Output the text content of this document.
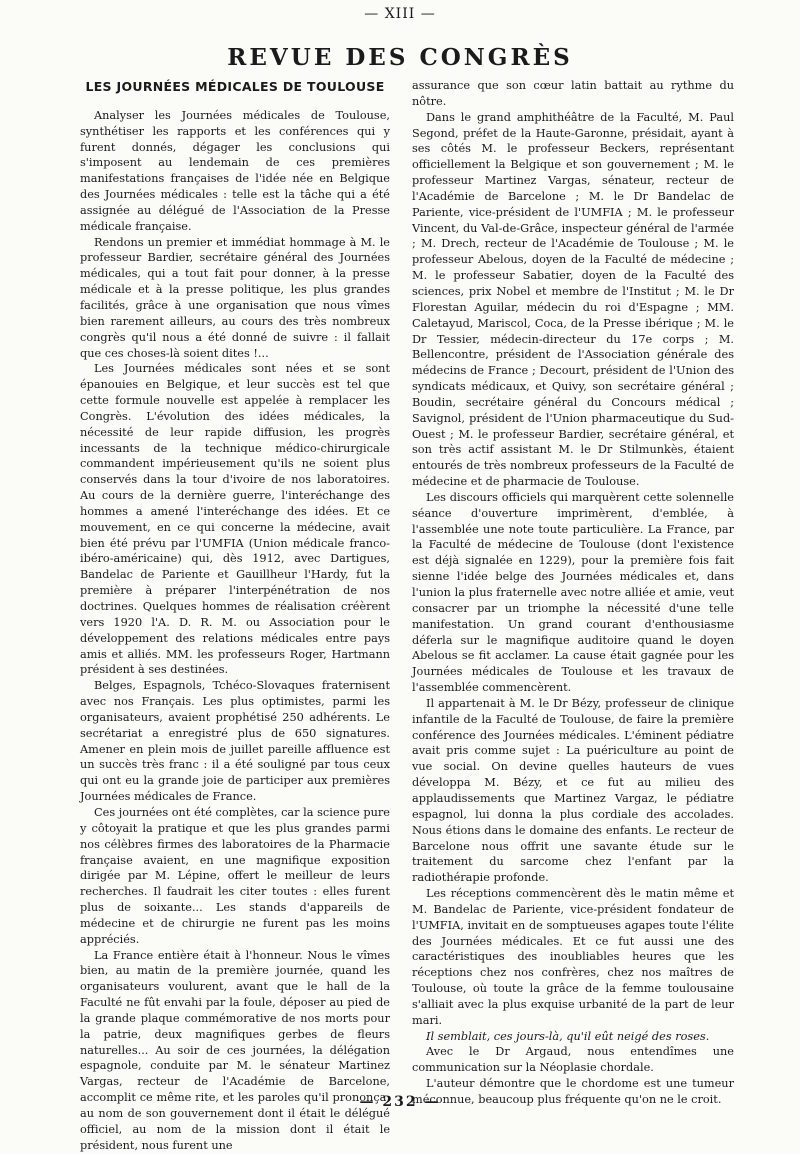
— XIII —
REVUE DES CONGRÈS
LES JOURNÉES MÉDICALES DE TOULOUSE

Analyser les Journées médicales de Toulouse, synthétiser les rapports et les conférences qui y furent donnés, dégager les conclusions qui s'imposent au lendemain de ces premières manifestations françaises de l'idée née en Belgique des Journées médicales : telle est la tâche qui a été assignée au délégué de l'Association de la Presse médicale française.

Rendons un premier et immédiat hommage à M. le professeur Bardier, secrétaire général des Journées médicales, qui a tout fait pour donner, à la presse médicale et à la presse politique, les plus grandes facilités, grâce à une organisation que nous vîmes bien rarement ailleurs, au cours des très nombreux congrès qu'il nous a été donné de suivre : il fallait que ces choses-là soient dites !...

Les Journées médicales sont nées et se sont épanouies en Belgique, et leur succès est tel que cette formule nouvelle est appelée à remplacer les Congrès. L'évolution des idées médicales, la nécessité de leur rapide diffusion, les progrès incessants de la technique médico-chirurgicale commandent impérieusement qu'ils ne soient plus conservés dans la tour d'ivoire de nos laboratoires. Au cours de la dernière guerre, l'interéchange des hommes a amené l'interéchange des idées. Et ce mouvement, en ce qui concerne la médecine, avait bien été prévu par l'UMFIA (Union médicale franco-ibéro-américaine) qui, dès 1912, avec Dartigues, Bandelac de Pariente et Gauillheur l'Hardy, fut la première à préparer l'interpénétration de nos doctrines. Quelques hommes de réalisation créèrent vers 1920 l'A. D. R. M. ou Association pour le développement des relations médicales entre pays amis et alliés. MM. les professeurs Roger, Hartmann président à ses destinées.

Belges, Espagnols, Tchéco-Slovaques fraternisent avec nos Français. Les plus optimistes, parmi les organisateurs, avaient prophétisé 250 adhérents. Le secrétariat a enregistré plus de 650 signatures. Amener en plein mois de juillet pareille affluence est un succès très franc : il a été souligné par tous ceux qui ont eu la grande joie de participer aux premières Journées médicales de France.

Ces journées ont été complètes, car la science pure y côtoyait la pratique et que les plus grandes parmi nos célèbres firmes des laboratoires de la Pharmacie française avaient, en une magnifique exposition dirigée par M. Lépine, offert le meilleur de leurs recherches. Il faudrait les citer toutes : elles furent plus de soixante... Les stands d'appareils de médecine et de chirurgie ne furent pas les moins appréciés.

La France entière était à l'honneur. Nous le vîmes bien, au matin de la première journée, quand les organisateurs voulurent, avant que le hall de la Faculté ne fût envahi par la foule, déposer au pied de la grande plaque commémorative de nos morts pour la patrie, deux magnifiques gerbes de fleurs naturelles... Au soir de ces journées, la délégation espagnole, conduite par M. le sénateur Martinez Vargas, recteur de l'Académie de Barcelone, accomplit ce même rite, et les paroles qu'il prononça, au nom de son gouvernement dont il était le délégué officiel, au nom de la mission dont il était le président, nous furent une

assurance que son cœur latin battait au rythme du nôtre.

Dans le grand amphithéâtre de la Faculté, M. Paul Segond, préfet de la Haute-Garonne, présidait, ayant à ses côtés M. le professeur Beckers, représentant officiellement la Belgique et son gouvernement ; M. le professeur Martinez Vargas, sénateur, recteur de l'Académie de Barcelone ; M. le Dr Bandelac de Pariente, vice-président de l'UMFIA ; M. le professeur Vincent, du Val-de-Grâce, inspecteur général de l'armée ; M. Drech, recteur de l'Académie de Toulouse ; M. le professeur Abelous, doyen de la Faculté de médecine ; M. le professeur Sabatier, doyen de la Faculté des sciences, prix Nobel et membre de l'Institut ; M. le Dr Florestan Aguilar, médecin du roi d'Espagne ; MM. Caletayud, Mariscol, Coca, de la Presse ibérique ; M. le Dr Tessier, médecin-directeur du 17e corps ; M. Bellencontre, président de l'Association générale des médecins de France ; Decourt, président de l'Union des syndicats médicaux, et Quivy, son secrétaire général ; Boudin, secrétaire général du Concours médical ; Savignol, président de l'Union pharmaceutique du Sud-Ouest ; M. le professeur Bardier, secrétaire général, et son très actif assistant M. le Dr Stilmunkès, étaient entourés de très nombreux professeurs de la Faculté de médecine et de pharmacie de Toulouse.

Les discours officiels qui marquèrent cette solennelle séance d'ouverture imprimèrent, d'emblée, à l'assemblée une note toute particulière. La France, par la Faculté de médecine de Toulouse (dont l'existence est déjà signalée en 1229), pour la première fois fait sienne l'idée belge des Journées médicales et, dans l'union la plus fraternelle avec notre alliée et amie, veut consacrer par un triomphe la nécessité d'une telle manifestation. Un grand courant d'enthousiasme déferla sur le magnifique auditoire quand le doyen Abelous se fit acclamer. La cause était gagnée pour les Journées médicales de Toulouse et les travaux de l'assemblée commencèrent.

Il appartenait à M. le Dr Bézy, professeur de clinique infantile de la Faculté de Toulouse, de faire la première conférence des Journées médicales. L'éminent pédiatre avait pris comme sujet : La puériculture au point de vue social. On devine quelles hauteurs de vues développa M. Bézy, et ce fut au milieu des applaudissements que Martinez Vargaz, le pédiatre espagnol, lui donna la plus cordiale des accolades. Nous étions dans le domaine des enfants. Le recteur de Barcelone nous offrit une savante étude sur le traitement du sarcome chez l'enfant par la radiothérapie profonde.

Les réceptions commencèrent dès le matin même et M. Bandelac de Pariente, vice-président fondateur de l'UMFIA, invitait en de somptueuses agapes toute l'élite des Journées médicales. Et ce fut aussi une des caractéristiques des inoubliables heures que les réceptions chez nos confrères, chez nos maîtres de Toulouse, où toute la grâce de la femme toulousaine s'alliait avec la plus exquise urbanité de la part de leur mari.

Il semblait, ces jours-là, qu'il eût neigé des roses.

Avec le Dr Argaud, nous entendîmes une communication sur la Néoplasie chordale.

L'auteur démontre que le chordome est une tumeur méconnue, beaucoup plus fréquente qu'on ne le croit.

— 232 —
